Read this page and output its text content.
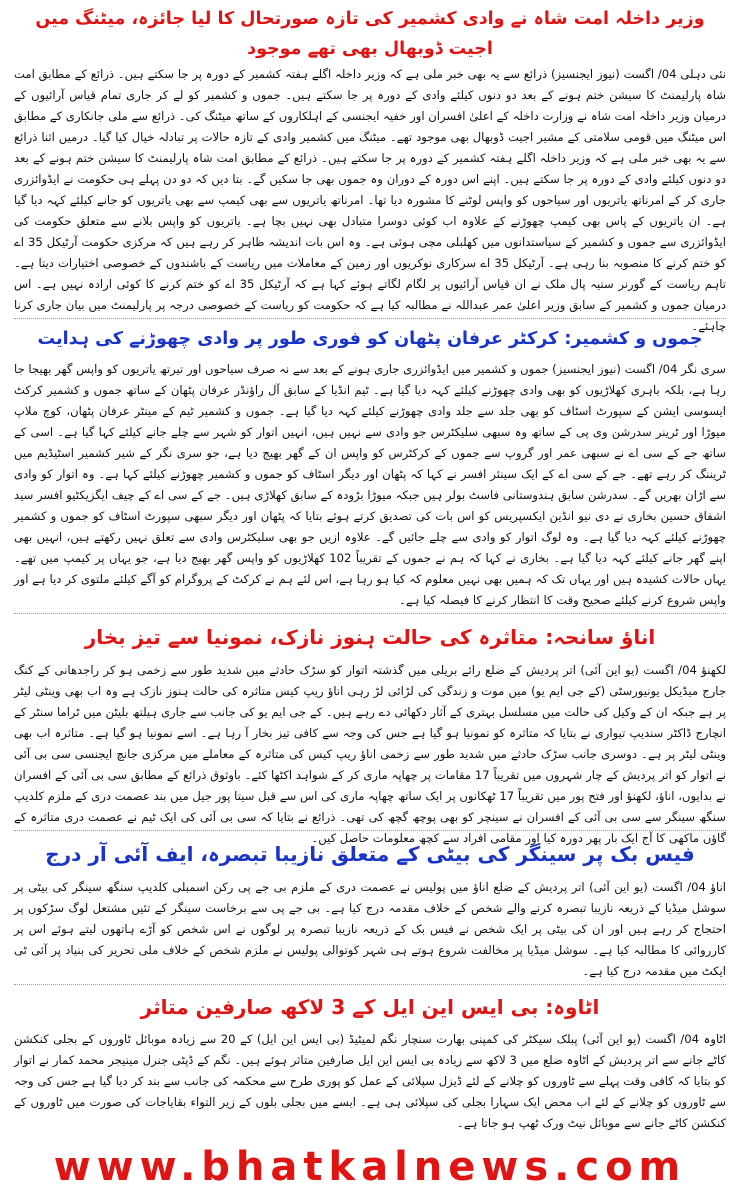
وزیر داخلہ امت شاہ نے وادی کشمیر کی تازہ صورتحال کا لیا جائزہ، میٹنگ میں اجیت ڈوبھال بھی تھے موجود

نئی دہلی 04/ اگست (نیوز ایجنسیز) ذرائع سے یہ بھی خبر ملی ہے کہ وزیر داخلہ اگلے ہفتہ کشمیر کے دورہ پر جا سکتے ہیں۔ ذرائع کے مطابق امت شاہ پارلیمنٹ کا سیشن ختم ہونے کے بعد دو دنوں کیلئے وادی کے دورہ پر جا سکتے ہیں۔ جموں و کشمیر کو لے کر جاری تمام قیاس آرائیوں کے درمیان وزیر داخلہ امت شاہ نے وزارت داخلہ کے اعلیٰ افسران اور خفیہ ایجنسی کے اہلکاروں کے ساتھ میٹنگ کی۔ ذرائع سے ملی جانکاری کے مطابق اس میٹنگ میں قومی سلامتی کے مشیر اجیت ڈوبھال بھی موجود تھے۔ میٹنگ میں کشمیر وادی کے تازہ حالات پر تبادلہ خیال کیا گیا۔ درمیں اثنا ذرائع سے یہ بھی خبر ملی ہے کہ وزیر داخلہ اگلے ہفتہ کشمیر کے دورہ پر جا سکتے ہیں۔ ذرائع کے مطابق امت شاہ پارلیمنٹ کا سیشن ختم ہونے کے بعد دو دنوں کیلئے وادی کے دورہ پر جا سکتے ہیں۔ اپنے اس دورہ کے دوران وہ جموں بھی جا سکیں گے۔ بتا دیں کہ دو دن پہلے ہی حکومت نے ایڈوائزری جاری کر کے امرناتھ یاتریوں اور سیاحوں کو واپس لوٹنے کا مشورہ دیا تھا۔ امرناتھ یاتریوں سے بھی کیمپ سے بھی یاتریوں کو جانے کیلئے کہہ دیا گیا ہے۔ ان یاتریوں کے پاس بھی کیمپ چھوڑنے کے علاوہ اب کوئی دوسرا متبادل بھی نہیں بچا ہے۔ یاتریوں کو واپس بلانے سے متعلق حکومت کی ایڈوائزری سے جموں و کشمیر کے سیاستدانوں میں کھلبلی مچی ہوئی ہے۔ وہ اس بات اندیشہ ظاہر کر رہے ہیں کہ مرکزی حکومت آرٹیکل 35 اے کو ختم کرنے کا منصوبہ بنا رہی ہے۔ آرٹیکل 35 اے سرکاری نوکریوں اور زمین کے معاملات میں ریاست کے باشندوں کے خصوصی اختیارات دیتا ہے۔ تاہم ریاست کے گورنر ستیہ پال ملک نے ان قیاس آرائیوں پر لگام لگاتے ہوئے کہا ہے کہ آرٹیکل 35 اے کو ختم کرنے کا کوئی ارادہ نہیں ہے۔ اس درمیان جموں و کشمیر کے سابق وزیر اعلیٰ عمر عبداللہ نے مطالبہ کیا ہے کہ حکومت کو ریاست کے خصوصی درجہ پر پارلیمنٹ میں بیان جاری کرنا چاہئے۔

جموں و کشمیر: کرکٹر عرفان پٹھان کو فوری طور پر وادی چھوڑنے کی ہدایت

سری نگر 04/ اگست (نیوز ایجنسیز) جموں و کشمیر میں ایڈوائزری جاری ہونے کے بعد سے نہ صرف سیاحوں اور تیرتھ یاتریوں کو واپس گھر بھیجا جا رہا ہے، بلکہ باہری کھلاڑیوں کو بھی وادی چھوڑنے کیلئے کہہ دیا گیا ہے۔ ٹیم انڈیا کے سابق آل راؤنڈر عرفان پٹھان کے ساتھ جموں و کشمیر کرکٹ ایسوسی ایشن کے سپورٹ اسٹاف کو بھی جلد سے جلد وادی چھوڑنے کیلئے کہہ دیا گیا ہے۔ جموں و کشمیر ٹیم کے مینٹر عرفان پٹھان، کوچ ملاپ میوڑا اور ٹرینر سدرشن وی پی کے ساتھ وہ سبھی سلیکٹرس جو وادی سے نہیں ہیں، انہیں اتوار کو شہر سے چلے جانے کیلئے کہا گیا ہے۔ اسی کے ساتھ جے کے سی اے نے سبھی عمر اور گروپ سے جموں کے کرکٹرس کو واپس ان کے گھر بھیج دیا ہے، جو سری نگر کے شیر کشمیر اسٹیڈیم میں ٹریننگ کر رہے تھے۔ جے کے سی اے کے ایک سینئر افسر نے کہا کہ پٹھان اور دیگر اسٹاف کو جموں و کشمیر چھوڑنے کیلئے کہا ہے۔ وہ اتوار کو وادی سے اڑان بھریں گے۔ سدرشن سابق ہندوستانی فاسٹ بولر ہیں جبکہ میوڑا بڑودہ کے سابق کھلاڑی ہیں۔ جے کے سی اے کے چیف ایگزیکٹیو افسر سید اشفاق حسین بخاری نے دی نیو انڈین ایکسپریس کو اس بات کی تصدیق کرتے ہوئے بتایا کہ پٹھان اور دیگر سبھی سپورٹ اسٹاف کو جموں و کشمیر چھوڑنے کیلئے کہہ دیا گیا ہے۔ وہ لوگ اتوار کو وادی سے چلے جائیں گے۔ علاوہ ازیں جو بھی سلیکٹرس وادی سے تعلق نہیں رکھتے ہیں، انہیں بھی اپنے گھر جانے کیلئے کہہ دیا گیا ہے۔ بخاری نے کہا کہ ہم نے جموں کے تقریباً 102 کھلاڑیوں کو واپس گھر بھیج دیا ہے، جو یہاں پر کیمپ میں تھے۔ یہاں حالات کشیدہ ہیں اور یہاں تک کہ ہمیں بھی نہیں معلوم کہ کیا ہو رہا ہے، اس لئے ہم نے کرکٹ کے پروگرام کو آگے کیلئے ملتوی کر دیا ہے اور واپس شروع کرنے کیلئے صحیح وقت کا انتظار کرنے کا فیصلہ کیا ہے۔

اناؤ سانحہ: متاثرہ کی حالت ہنوز نازک، نمونیا سے تیز بخار

لکھنؤ 04/ اگست (یو این آئی) اتر پردیش کے ضلع رائے بریلی میں گذشتہ اتوار کو سڑک حادثے میں شدید طور سے زخمی ہو کر راجدھانی کے کنگ جارج میڈیکل یونیورسٹی (کے جی ایم یو) میں موت و زندگی کی لڑائی لڑ رہی اناؤ ریپ کیس متاثرہ کی حالت ہنوز نازک ہے وہ اب بھی وینٹی لیٹر پر ہے جبکہ ان کے وکیل کی حالت میں مسلسل بہتری کے آثار دکھائی دے رہے ہیں۔ کے جی ایم یو کی جانب سے جاری ہیلتھ بلیٹن میں ٹراما سنٹر کے انچارج ڈاکٹر سندیپ تیواری نے بتایا کہ متاثرہ کو نمونیا ہو گیا ہے جس کی وجہ سے کافی تیز بخار آ رہا ہے۔ اسے نمونیا ہو گیا ہے۔ متاثرہ اب بھی وینٹی لیٹر پر ہے۔ دوسری جانب سڑک حادثے میں شدید طور سے زخمی اناؤ ریپ کیس کی متاثرہ کے معاملے میں مرکزی جانچ ایجنسی سی بی آئی نے اتوار کو اتر پردیش کے چار شہروں میں تقریباً 17 مقامات پر چھاپہ ماری کر کے شواہد اکٹھا کئے۔ باوثوق ذرائع کے مطابق سی بی آئی کے افسران نے بدایوں، اناؤ، لکھنؤ اور فتح پور میں تقریباً 17 ٹھکانوں پر ایک ساتھ چھاپہ ماری کی اس سے قبل سیتا پور جیل میں بند عصمت دری کے ملزم کلدیپ سنگھ سینگر سے سی بی آئی کے افسران نے سینچر کو بھی پوچھ گچھ کی تھی۔ ذرائع نے بتایا کہ سی بی آئی کی ایک ٹیم نے عصمت دری متاثرہ کے گاؤں ماکھی کا آج ایک بار پھر دورہ کیا اور مقامی افراد سے کچھ معلومات حاصل کیں۔

فیس بک پر سینگر کی بیٹی کے متعلق نازیبا تبصرہ، ایف آئی آر درج

اناؤ 04/ اگست (یو این آئی) اتر پردیش کے ضلع اناؤ میں پولیس نے عصمت دری کے ملزم بی جے پی رکن اسمبلی کلدیپ سنگھ سینگر کی بیٹی پر سوشل میڈیا کے ذریعہ نازیبا تبصرہ کرنے والے شخص کے خلاف مقدمہ درج کیا ہے۔ بی جے پی سے برخاست سینگر کے تئیں مشتعل لوگ سڑکوں پر احتجاج کر رہے ہیں اور ان کی بیٹی پر ایک شخص نے فیس بک کے ذریعہ نازیبا تبصرہ پر لوگوں نے اس شخص کو آڑے ہاتھوں لیتے ہوئے اس پر کارروائی کا مطالبہ کیا ہے۔ سوشل میڈیا پر مخالفت شروع ہوتے ہی شہر کوتوالی پولیس نے ملزم شخص کے خلاف ملی تحریر کی بنیاد پر آئی ٹی ایکٹ میں مقدمہ درج کیا ہے۔

اٹاوہ: بی ایس این ایل کے 3 لاکھ صارفین متاثر

اٹاوہ 04/ اگست (یو این آئی) پبلک سیکٹر کی کمپنی بھارت سنچار نگم لمیٹیڈ (بی ایس این ایل) کے 20 سے زیادہ موبائل ٹاوروں کے بجلی کنکشن کاٹے جانے سے اتر پردیش کے اٹاوہ ضلع میں 3 لاکھ سے زیادہ بی ایس این ایل صارفین متاثر ہوئے ہیں۔ نگم کے ڈپٹی جنرل مینیجر محمد کمار نے اتوار کو بتایا کہ کافی وقت پہلے سے ٹاوروں کو چلانے کے لئے ڈیزل سپلائی کے عمل کو پوری طرح سے محکمہ کی جانب سے بند کر دیا گیا ہے جس کی وجہ سے ٹاوروں کو چلانے کے لئے اب محض ایک سہارا بجلی کی سپلائی ہی ہے۔ ایسے میں بجلی بلوں کے زیر التواء بقایاجات کی صورت میں ٹاوروں کے کنکشن کاٹے جانے سے موبائل نیٹ ورک ٹھپ ہو جاتا ہے۔

www.bhatkalnews.com
